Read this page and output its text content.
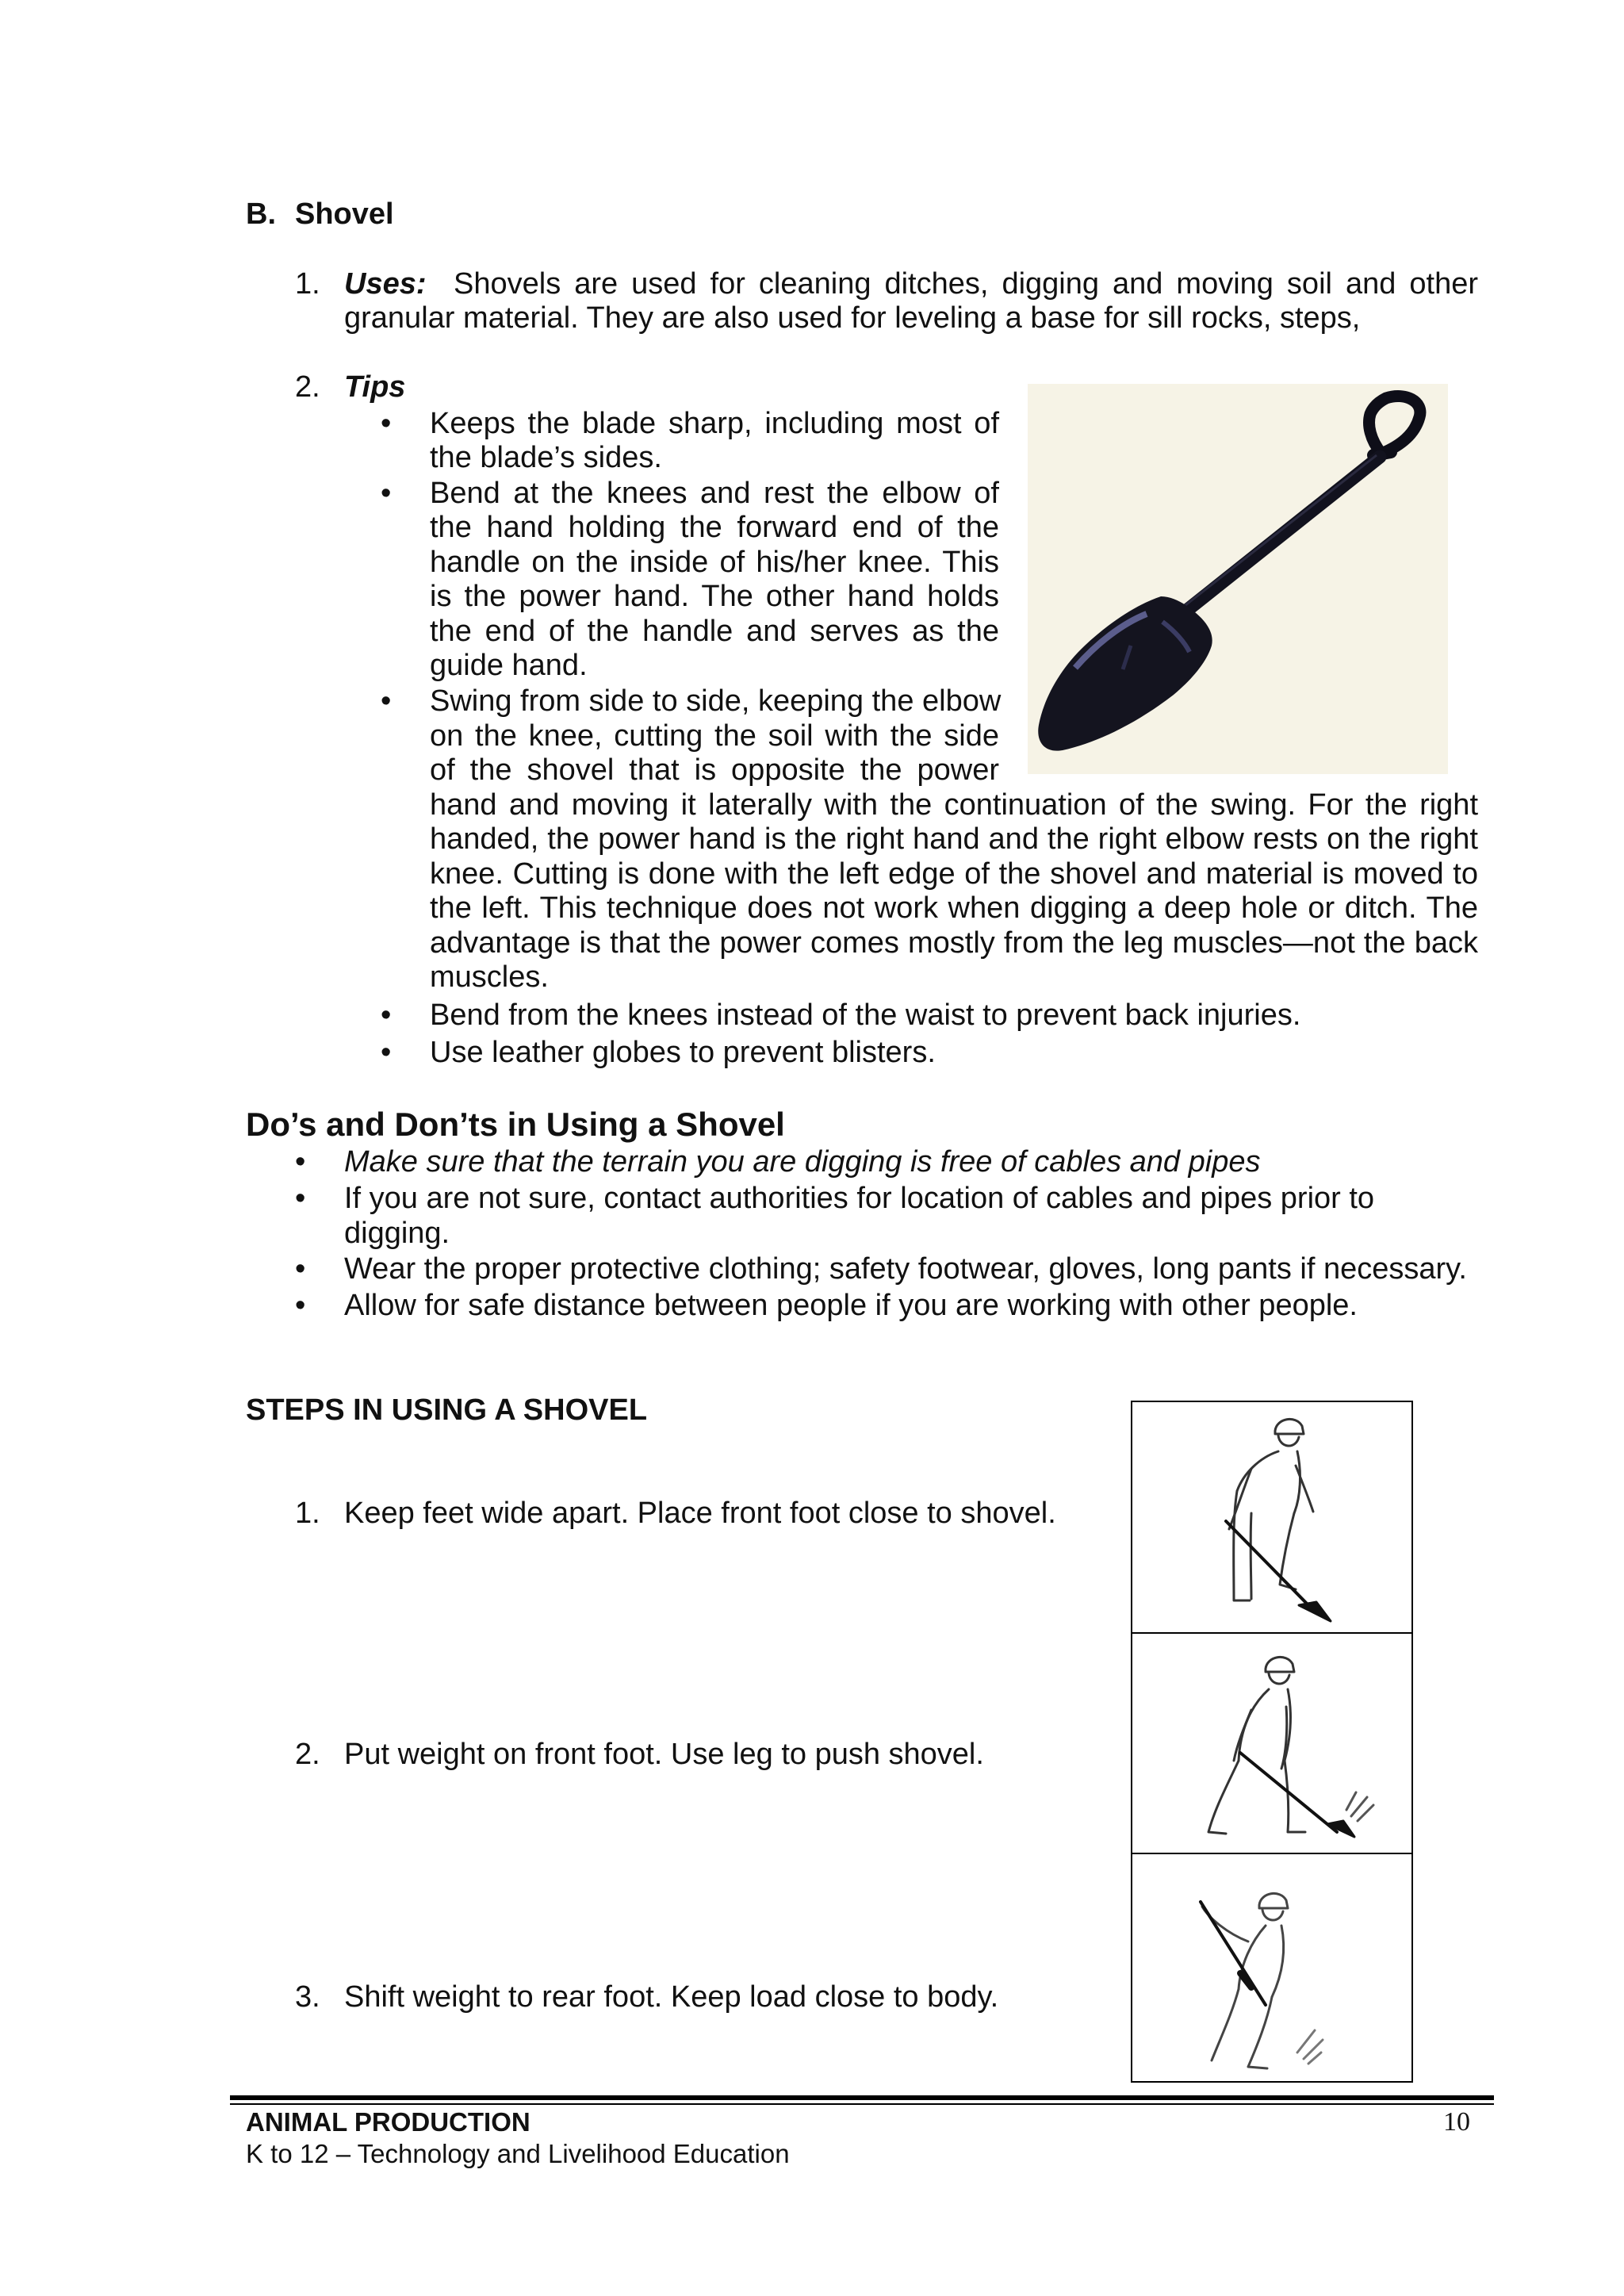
B. Shovel
1. Uses: Shovels are used for cleaning ditches, digging and moving soil and other
granular material. They are also used for leveling a base for sill rocks, steps,
2. Tips
• Keeps the blade sharp, including most of
the blade’s sides.
• Bend at the knees and rest the elbow of
the hand holding the forward end of the
handle on the inside of his/her knee. This
is the power hand. The other hand holds
the end of the handle and serves as the
guide hand.
• Swing from side to side, keeping the elbow
on the knee, cutting the soil with the side
of the shovel that is opposite the power
hand and moving it laterally with the continuation of the swing. For the right
handed, the power hand is the right hand and the right elbow rests on the right
knee. Cutting is done with the left edge of the shovel and material is moved to
the left. This technique does not work when digging a deep hole or ditch. The
advantage is that the power comes mostly from the leg muscles—not the back
muscles.
• Bend from the knees instead of the waist to prevent back injuries.
• Use leather globes to prevent blisters.
Do’s and Don’ts in Using a Shovel
• Make sure that the terrain you are digging is free of cables and pipes
• If you are not sure, contact authorities for location of cables and pipes prior to
digging.
• Wear the proper protective clothing; safety footwear, gloves, long pants if necessary.
• Allow for safe distance between people if you are working with other people.
STEPS IN USING A SHOVEL
1. Keep feet wide apart. Place front foot close to shovel.
2. Put weight on front foot. Use leg to push shovel.
3. Shift weight to rear foot. Keep load close to body.
ANIMAL PRODUCTION	10
K to 12 – Technology and Livelihood Education
